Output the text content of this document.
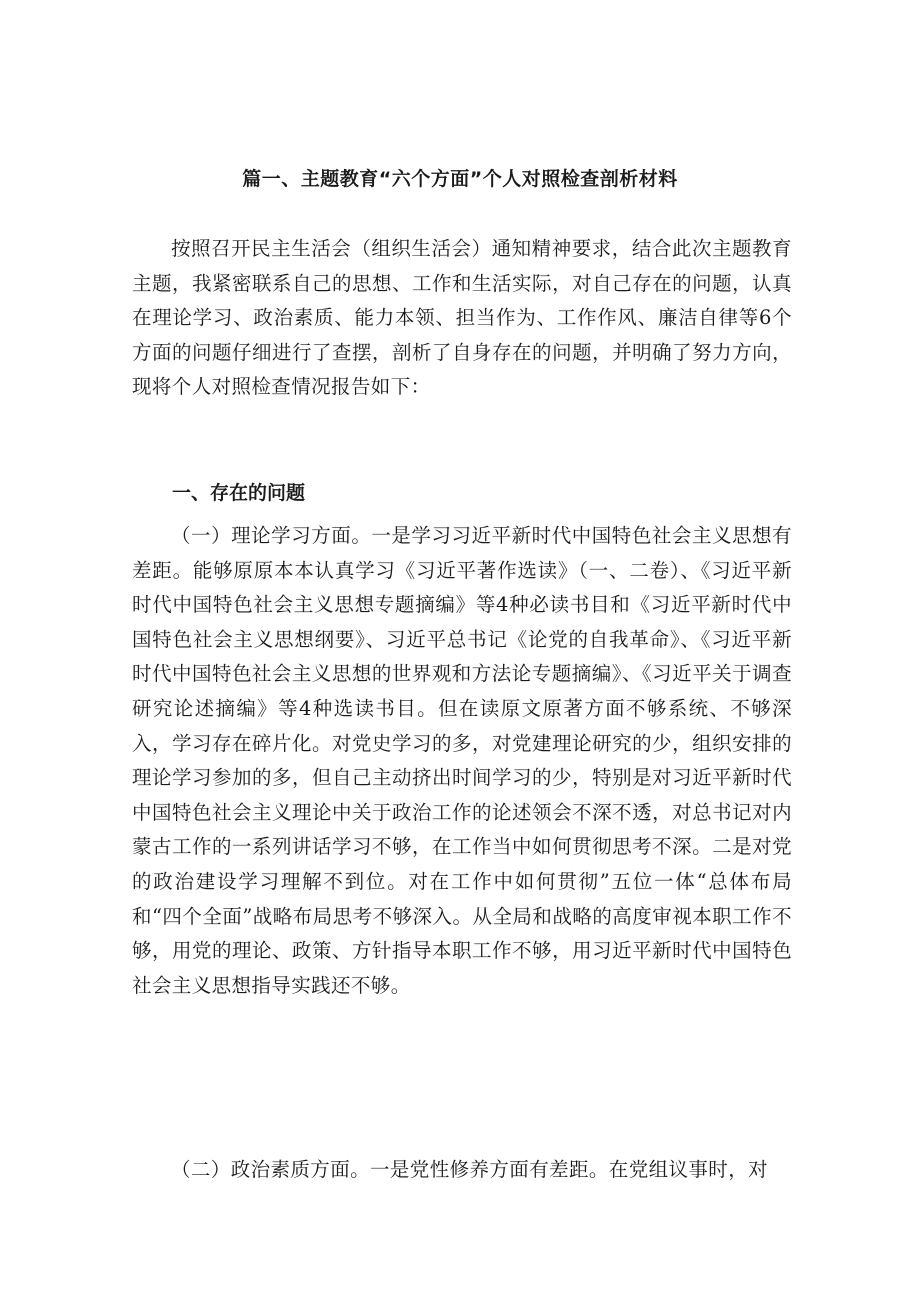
篇一、主题教育“六个方面”个人对照检查剖析材料

按照召开民主生活会（组织生活会）通知精神要求，结合此次主题教育主题，我紧密联系自己的思想、工作和生活实际，对自己存在的问题，认真在理论学习、政治素质、能力本领、担当作为、工作作风、廉洁自律等6个方面的问题仔细进行了查摆，剖析了自身存在的问题，并明确了努力方向，现将个人对照检查情况报告如下：

一、存在的问题

（一）理论学习方面。一是学习习近平新时代中国特色社会主义思想有差距。能够原原本本认真学习《习近平著作选读》（一、二卷）、《习近平新时代中国特色社会主义思想专题摘编》等4种必读书目和《习近平新时代中国特色社会主义思想纲要》、习近平总书记《论党的自我革命》、《习近平新时代中国特色社会主义思想的世界观和方法论专题摘编》、《习近平关于调查研究论述摘编》等4种选读书目。但在读原文原著方面不够系统、不够深入，学习存在碎片化。对党史学习的多，对党建理论研究的少，组织安排的理论学习参加的多，但自己主动挤出时间学习的少，特别是对习近平新时代中国特色社会主义理论中关于政治工作的论述领会不深不透，对总书记对内蒙古工作的一系列讲话学习不够，在工作当中如何贯彻思考不深。二是对党的政治建设学习理解不到位。对在工作中如何贯彻”五位一体“总体布局和“四个全面”战略布局思考不够深入。从全局和战略的高度审视本职工作不够，用党的理论、政策、方针指导本职工作不够，用习近平新时代中国特色社会主义思想指导实践还不够。

（二）政治素质方面。一是党性修养方面有差距。在党组议事时，对
